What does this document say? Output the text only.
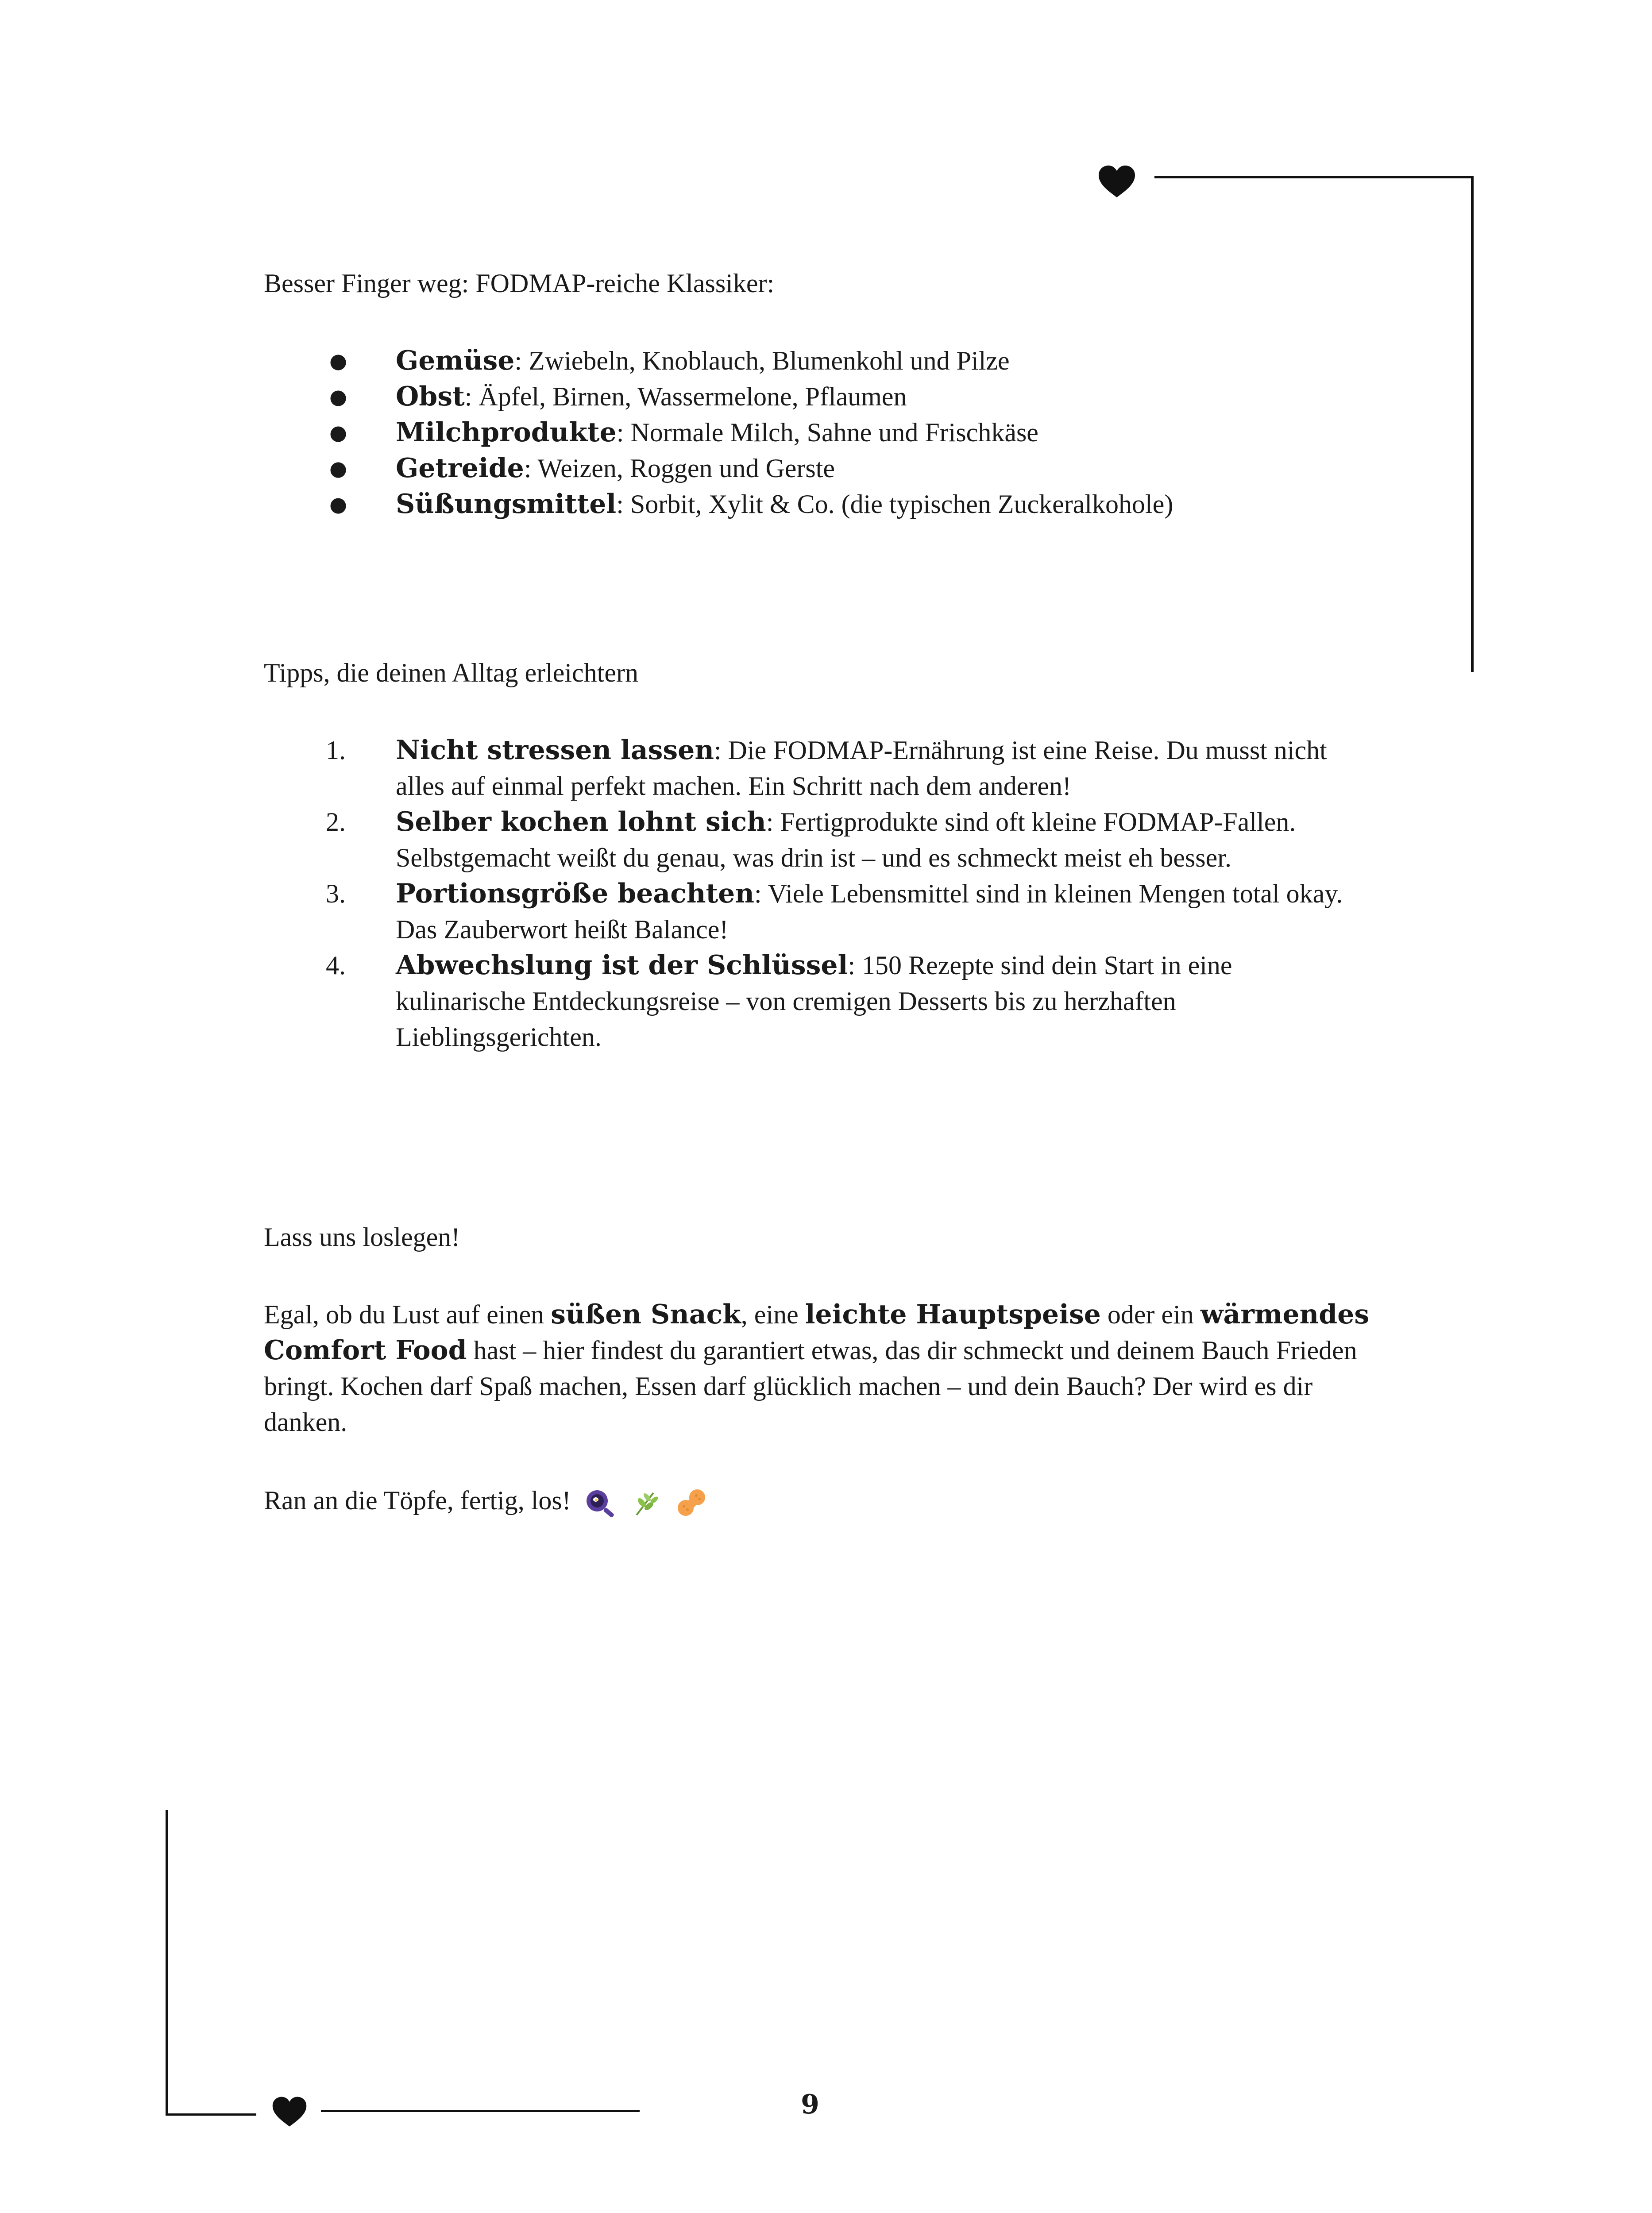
Besser Finger weg: FODMAP-reiche Klassiker:
● Gemüse: Zwiebeln, Knoblauch, Blumenkohl und Pilze
● Obst: Äpfel, Birnen, Wassermelone, Pflaumen
● Milchprodukte: Normale Milch, Sahne und Frischkäse
● Getreide: Weizen, Roggen und Gerste
● Süßungsmittel: Sorbit, Xylit & Co. (die typischen Zuckeralkohole)
Tipps, die deinen Alltag erleichtern
1. Nicht stressen lassen: Die FODMAP-Ernährung ist eine Reise. Du musst nicht alles auf einmal perfekt machen. Ein Schritt nach dem anderen!
2. Selber kochen lohnt sich: Fertigprodukte sind oft kleine FODMAP-Fallen. Selbstgemacht weißt du genau, was drin ist – und es schmeckt meist eh besser.
3. Portionsgröße beachten: Viele Lebensmittel sind in kleinen Mengen total okay. Das Zauberwort heißt Balance!
4. Abwechslung ist der Schlüssel: 150 Rezepte sind dein Start in eine kulinarische Entdeckungsreise – von cremigen Desserts bis zu herzhaften Lieblingsgerichten.
Lass uns loslegen!

Egal, ob du Lust auf einen süßen Snack, eine leichte Hauptspeise oder ein wärmendes Comfort Food hast – hier findest du garantiert etwas, das dir schmeckt und deinem Bauch Frieden bringt. Kochen darf Spaß machen, Essen darf glücklich machen – und dein Bauch? Der wird es dir danken.

Ran an die Töpfe, fertig, los!
9
